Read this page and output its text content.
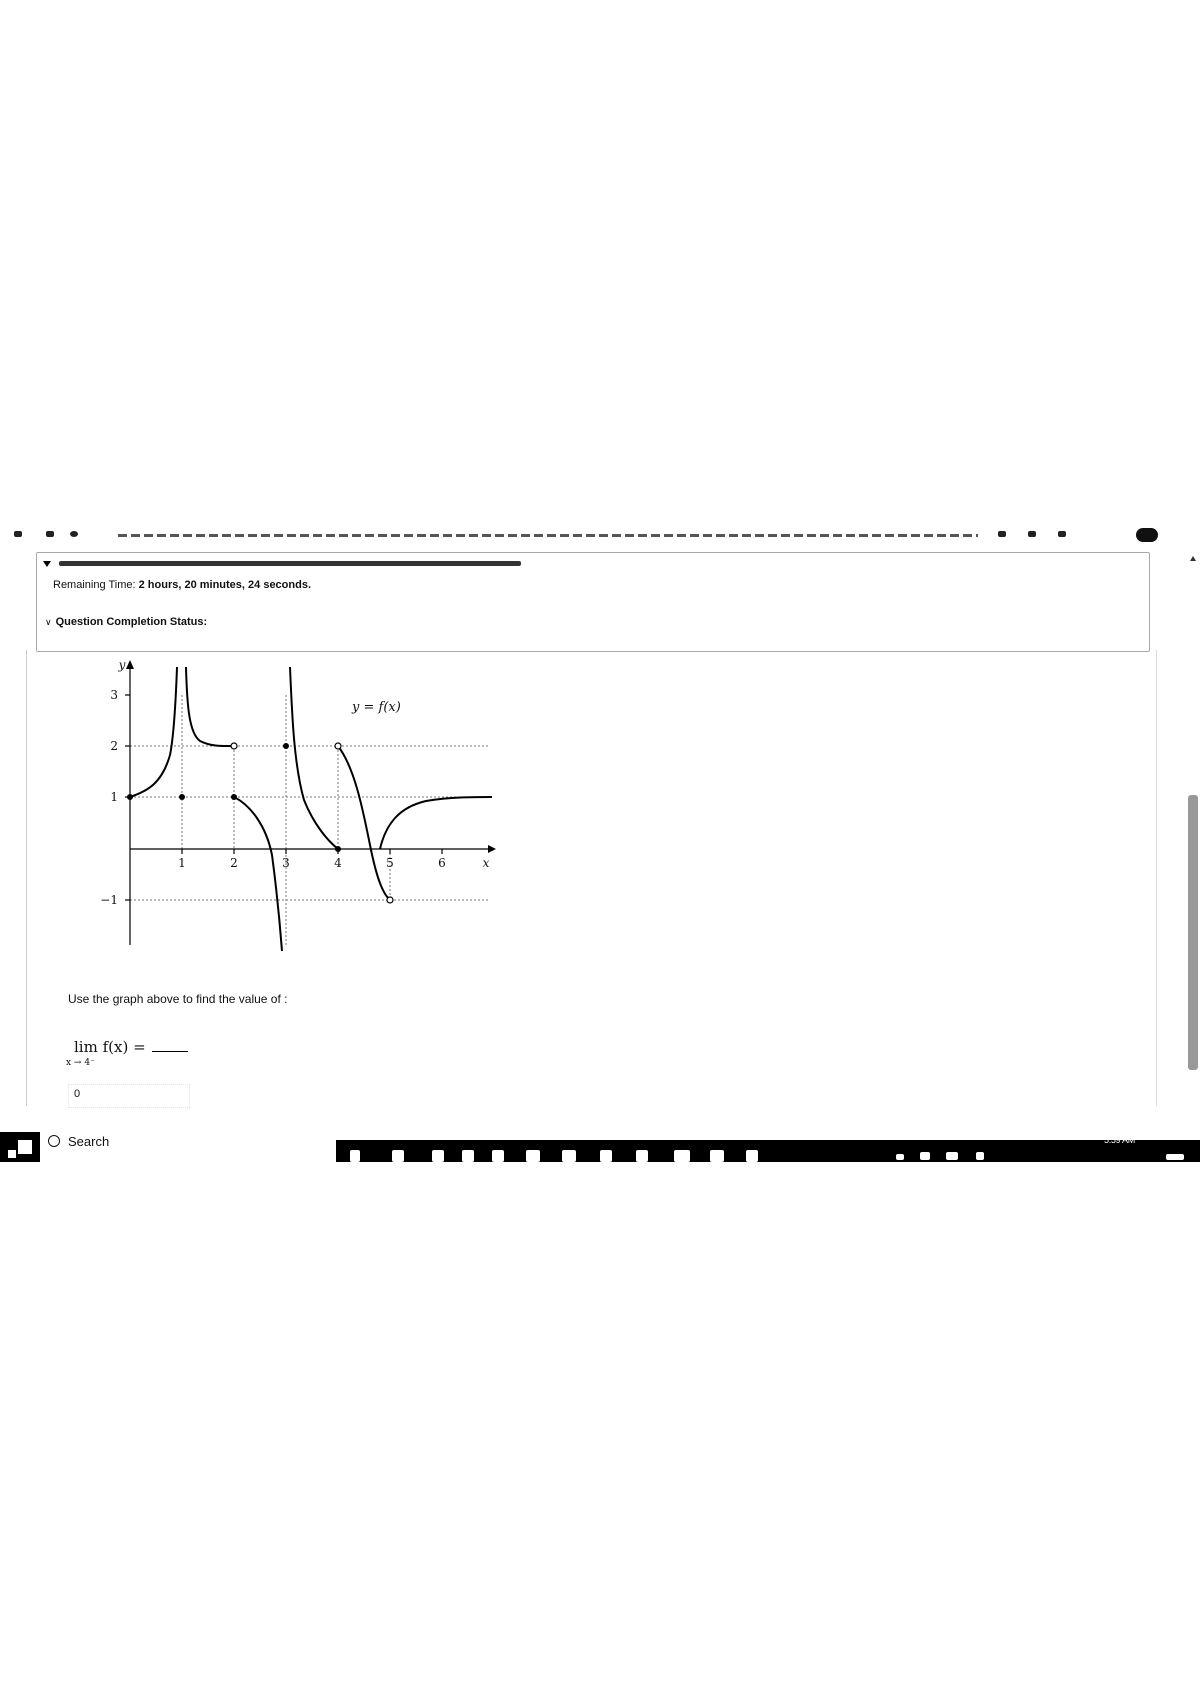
Remaining Time: 2 hours, 20 minutes, 24 seconds.
∨ Question Completion Status:
3
2
1
−1
1	2	3	4	5	6	x
y
y = f(x)
Use the graph above to find the value of :
lim f(x) =
x → 4⁻
0
Search	5:59 AM
